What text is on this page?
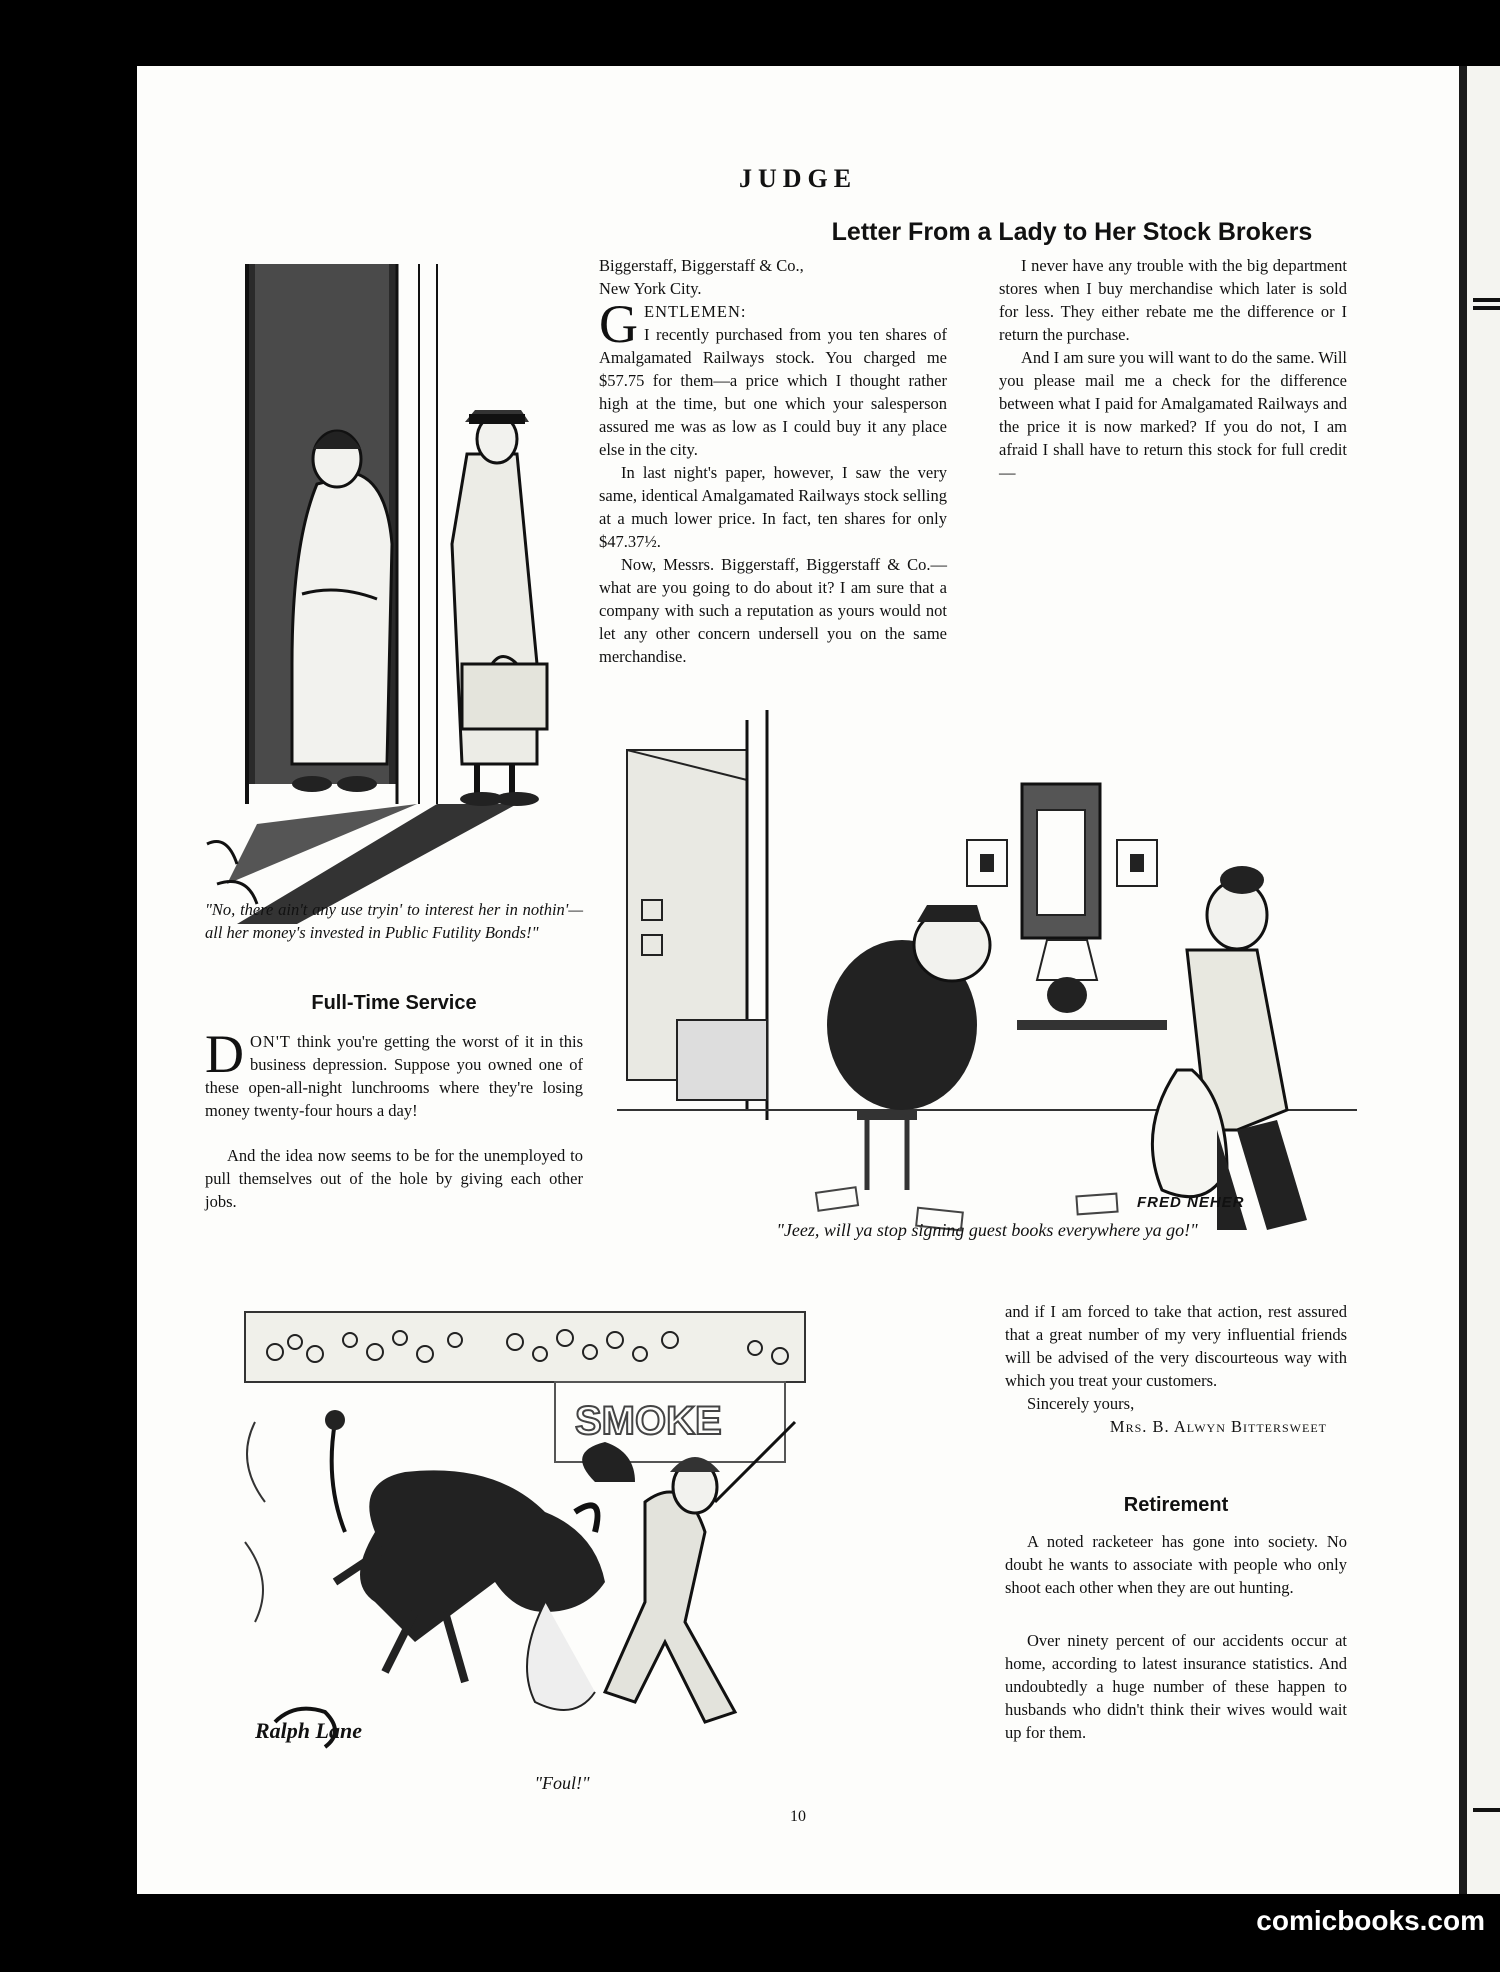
JUDGE
Letter From a Lady to Her Stock Brokers
"No, there ain't any use tryin' to interest her in nothin'—all her money's invested in Public Futility Bonds!"
Full-Time Service

DON'T think you're getting the worst of it in this business depression. Suppose you owned one of these open-all-night lunchrooms where they're losing money twenty-four hours a day!

And the idea now seems to be for the unemployed to pull themselves out of the hole by giving each other jobs.

Biggerstaff, Biggerstaff & Co.,

New York City.

GENTLEMEN:
I recently purchased from you ten shares of Amalgamated Railways stock. You charged me $57.75 for them—a price which I thought rather high at the time, but one which your salesperson assured me was as low as I could buy it any place else in the city.

In last night's paper, however, I saw the very same, identical Amalgamated Railways stock selling at a much lower price. In fact, ten shares for only $47.37½.

Now, Messrs. Biggerstaff, Biggerstaff & Co.—what are you going to do about it? I am sure that a company with such a reputation as yours would not let any other concern undersell you on the same merchandise.

I never have any trouble with the big department stores when I buy merchandise which later is sold for less. They either rebate me the difference or I return the purchase.

And I am sure you will want to do the same. Will you please mail me a check for the difference between what I paid for Amalgamated Railways and the price it is now marked? If you do not, I am afraid I shall have to return this stock for full credit—

FRED NEHER
"Jeez, will ya stop signing guest books everywhere ya go!"
SMOKE
Ralph Lane
"Foul!"

and if I am forced to take that action, rest assured that a great number of my very influential friends will be advised of the very discourteous way with which you treat your customers.

Sincerely yours,

Mrs. B. Alwyn Bittersweet

Retirement

A noted racketeer has gone into society. No doubt he wants to associate with people who only shoot each other when they are out hunting.

Over ninety percent of our accidents occur at home, according to latest insurance statistics. And undoubtedly a huge number of these happen to husbands who didn't think their wives would wait up for them.

10
comicbooks.com
